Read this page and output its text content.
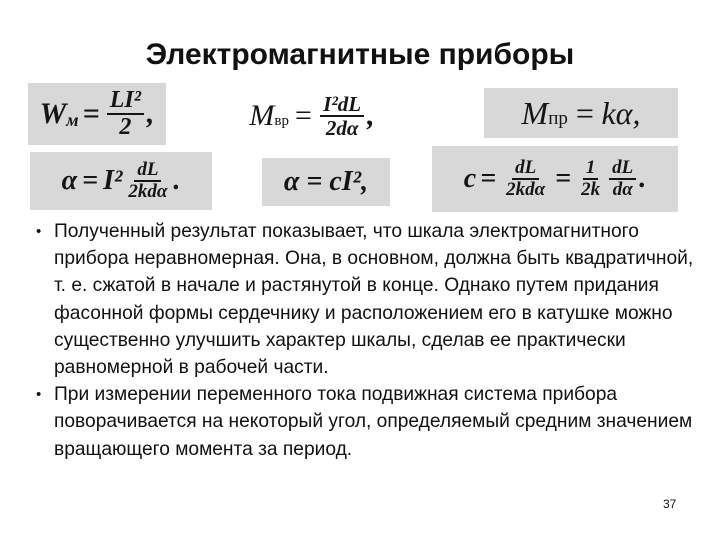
Электромагнитные приборы
W $м = \frac{\text{LI²}}{2}$ ,	M вр = $\frac{\text{I²dL}}{2d\alpha}$ ,	M пр = kα,
$\alpha = I^2 \frac{dL}{\text{2kdα}}$ .	α = cI²,	$c = \frac{dL}{\text{2kdα}} = \frac{1}{2k} \frac{dL}{d\alpha}$ .
• Полученный результат показывает, что шкала электромагнитного прибора неравномерная. Она, в основном, должна быть квадратичной, т. е. сжатой в начале и растянутой в конце. Однако путем придания фасонной формы сердечнику и расположением его в катушке можно существенно улучшить характер шкалы, сделав ее практически равномерной в рабочей части.
• При измерении переменного тока подвижная система прибора поворачивается на некоторый угол, определяемый средним значением вращающего момента за период.
37
